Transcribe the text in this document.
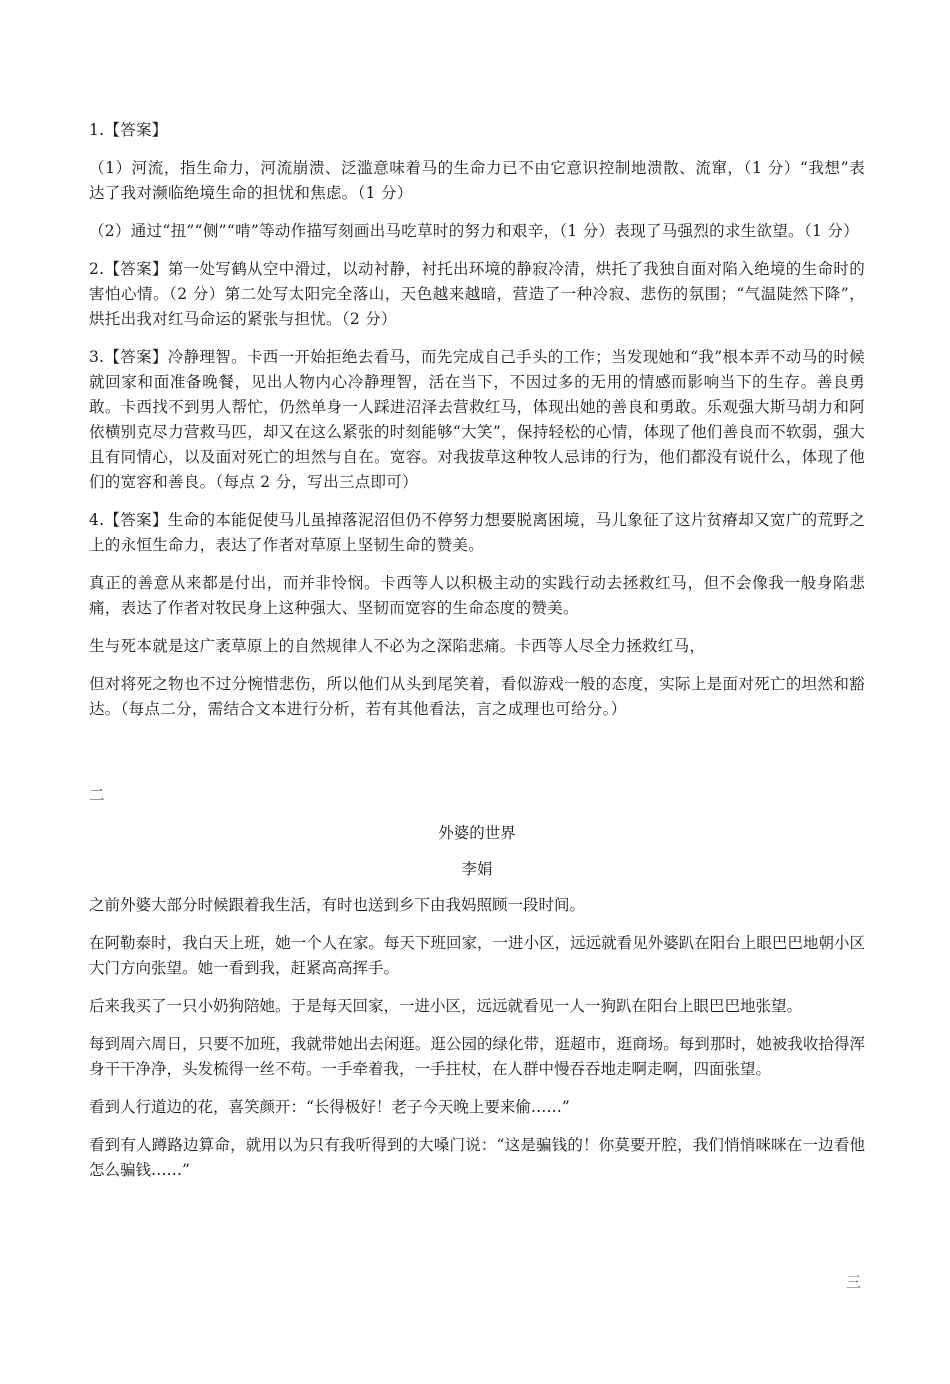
1.【答案】

（1）河流，指生命力，河流崩溃、泛滥意味着马的生命力已不由它意识控制地溃散、流窜，（1 分）“我想”表达了我对濒临绝境生命的担忧和焦虑。（1 分）

（2）通过“扭”“侧”“啃”等动作描写刻画出马吃草时的努力和艰辛，（1 分）表现了马强烈的求生欲望。（1 分）

2.【答案】第一处写鹤从空中滑过，以动衬静，衬托出环境的静寂冷清，烘托了我独自面对陷入绝境的生命时的害怕心情。（2 分）第二处写太阳完全落山，天色越来越暗，营造了一种冷寂、悲伤的氛围；“气温陡然下降”，烘托出我对红马命运的紧张与担忧。（2 分）

3.【答案】冷静理智。卡西一开始拒绝去看马，而先完成自己手头的工作；当发现她和“我”根本弄不动马的时候就回家和面准备晚餐，见出人物内心冷静理智，活在当下，不因过多的无用的情感而影响当下的生存。善良勇敢。卡西找不到男人帮忙，仍然单身一人踩进沼泽去营救红马，体现出她的善良和勇敢。乐观强大斯马胡力和阿依横别克尽力营救马匹，却又在这么紧张的时刻能够“大笑”，保持轻松的心情，体现了他们善良而不软弱，强大且有同情心，以及面对死亡的坦然与自在。宽容。对我拔草这种牧人忌讳的行为，他们都没有说什么，体现了他们的宽容和善良。（每点 2 分，写出三点即可）

4.【答案】生命的本能促使马儿虽掉落泥沼但仍不停努力想要脱离困境，马儿象征了这片贫瘠却又宽广的荒野之上的永恒生命力，表达了作者对草原上坚韧生命的赞美。

真正的善意从来都是付出，而并非怜悯。卡西等人以积极主动的实践行动去拯救红马，但不会像我一般身陷悲痛，表达了作者对牧民身上这种强大、坚韧而宽容的生命态度的赞美。

生与死本就是这广袤草原上的自然规律人不必为之深陷悲痛。卡西等人尽全力拯救红马，

但对将死之物也不过分惋惜悲伤，所以他们从头到尾笑着，看似游戏一般的态度，实际上是面对死亡的坦然和豁达。（每点二分，需结合文本进行分析，若有其他看法，言之成理也可给分。）

二

外婆的世界

李娟

之前外婆大部分时候跟着我生活，有时也送到乡下由我妈照顾一段时间。

在阿勒泰时，我白天上班，她一个人在家。每天下班回家，一进小区，远远就看见外婆趴在阳台上眼巴巴地朝小区大门方向张望。她一看到我，赶紧高高挥手。

后来我买了一只小奶狗陪她。于是每天回家，一进小区，远远就看见一人一狗趴在阳台上眼巴巴地张望。

每到周六周日，只要不加班，我就带她出去闲逛。逛公园的绿化带，逛超市，逛商场。每到那时，她被我收拾得浑身干干净净，头发梳得一丝不苟。一手牵着我，一手拄杖，在人群中慢吞吞地走啊走啊，四面张望。

看到人行道边的花，喜笑颜开：“长得极好！老子今天晚上要来偷……”

看到有人蹲路边算命，就用以为只有我听得到的大嗓门说：“这是骗钱的！你莫要开腔，我们悄悄咪咪在一边看他怎么骗钱……”

三
